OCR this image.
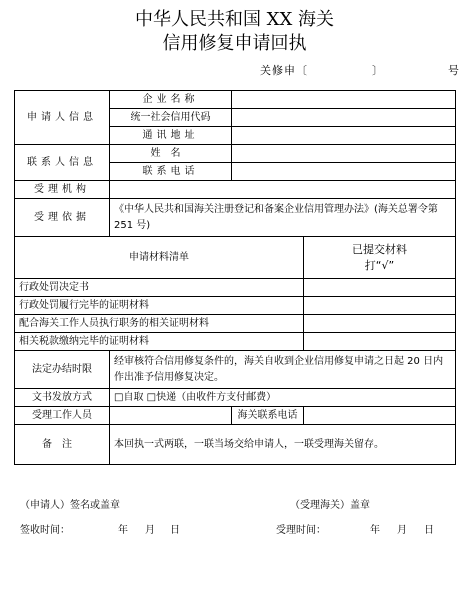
中华人民共和国 XX 海关
信用修复申请回执
关修申〔	〕	号
申请人信息	企业名称		
	统一社会信用代码		
	通讯地址		
联系人信息	姓名		
	联系电话		
受理机构			
受理依据	《中华人民共和国海关注册登记和备案企业信用管理办法》(海关总署令第 251 号)		
申请材料清单			已提交材料
打“√”

行政处罚决定书			
行政处罚履行完毕的证明材料			
配合海关工作人员执行职务的相关证明材料			
相关税款缴纳完毕的证明材料			
法定办结时限	经审核符合信用修复条件的，海关自收到企业信用修复申请之日起 20 日内作出准予信用修复决定。		
文书发放方式	□自取 □快递（由收件方支付邮费）		
受理工作人员		海关联系电话	
备注	本回执一式两联，一联当场交给申请人，一联受理海关留存。		
（申请人）签名或盖章	（受理海关）盖章
签收时间：	年 月 日	受理时间：	年 月 日
